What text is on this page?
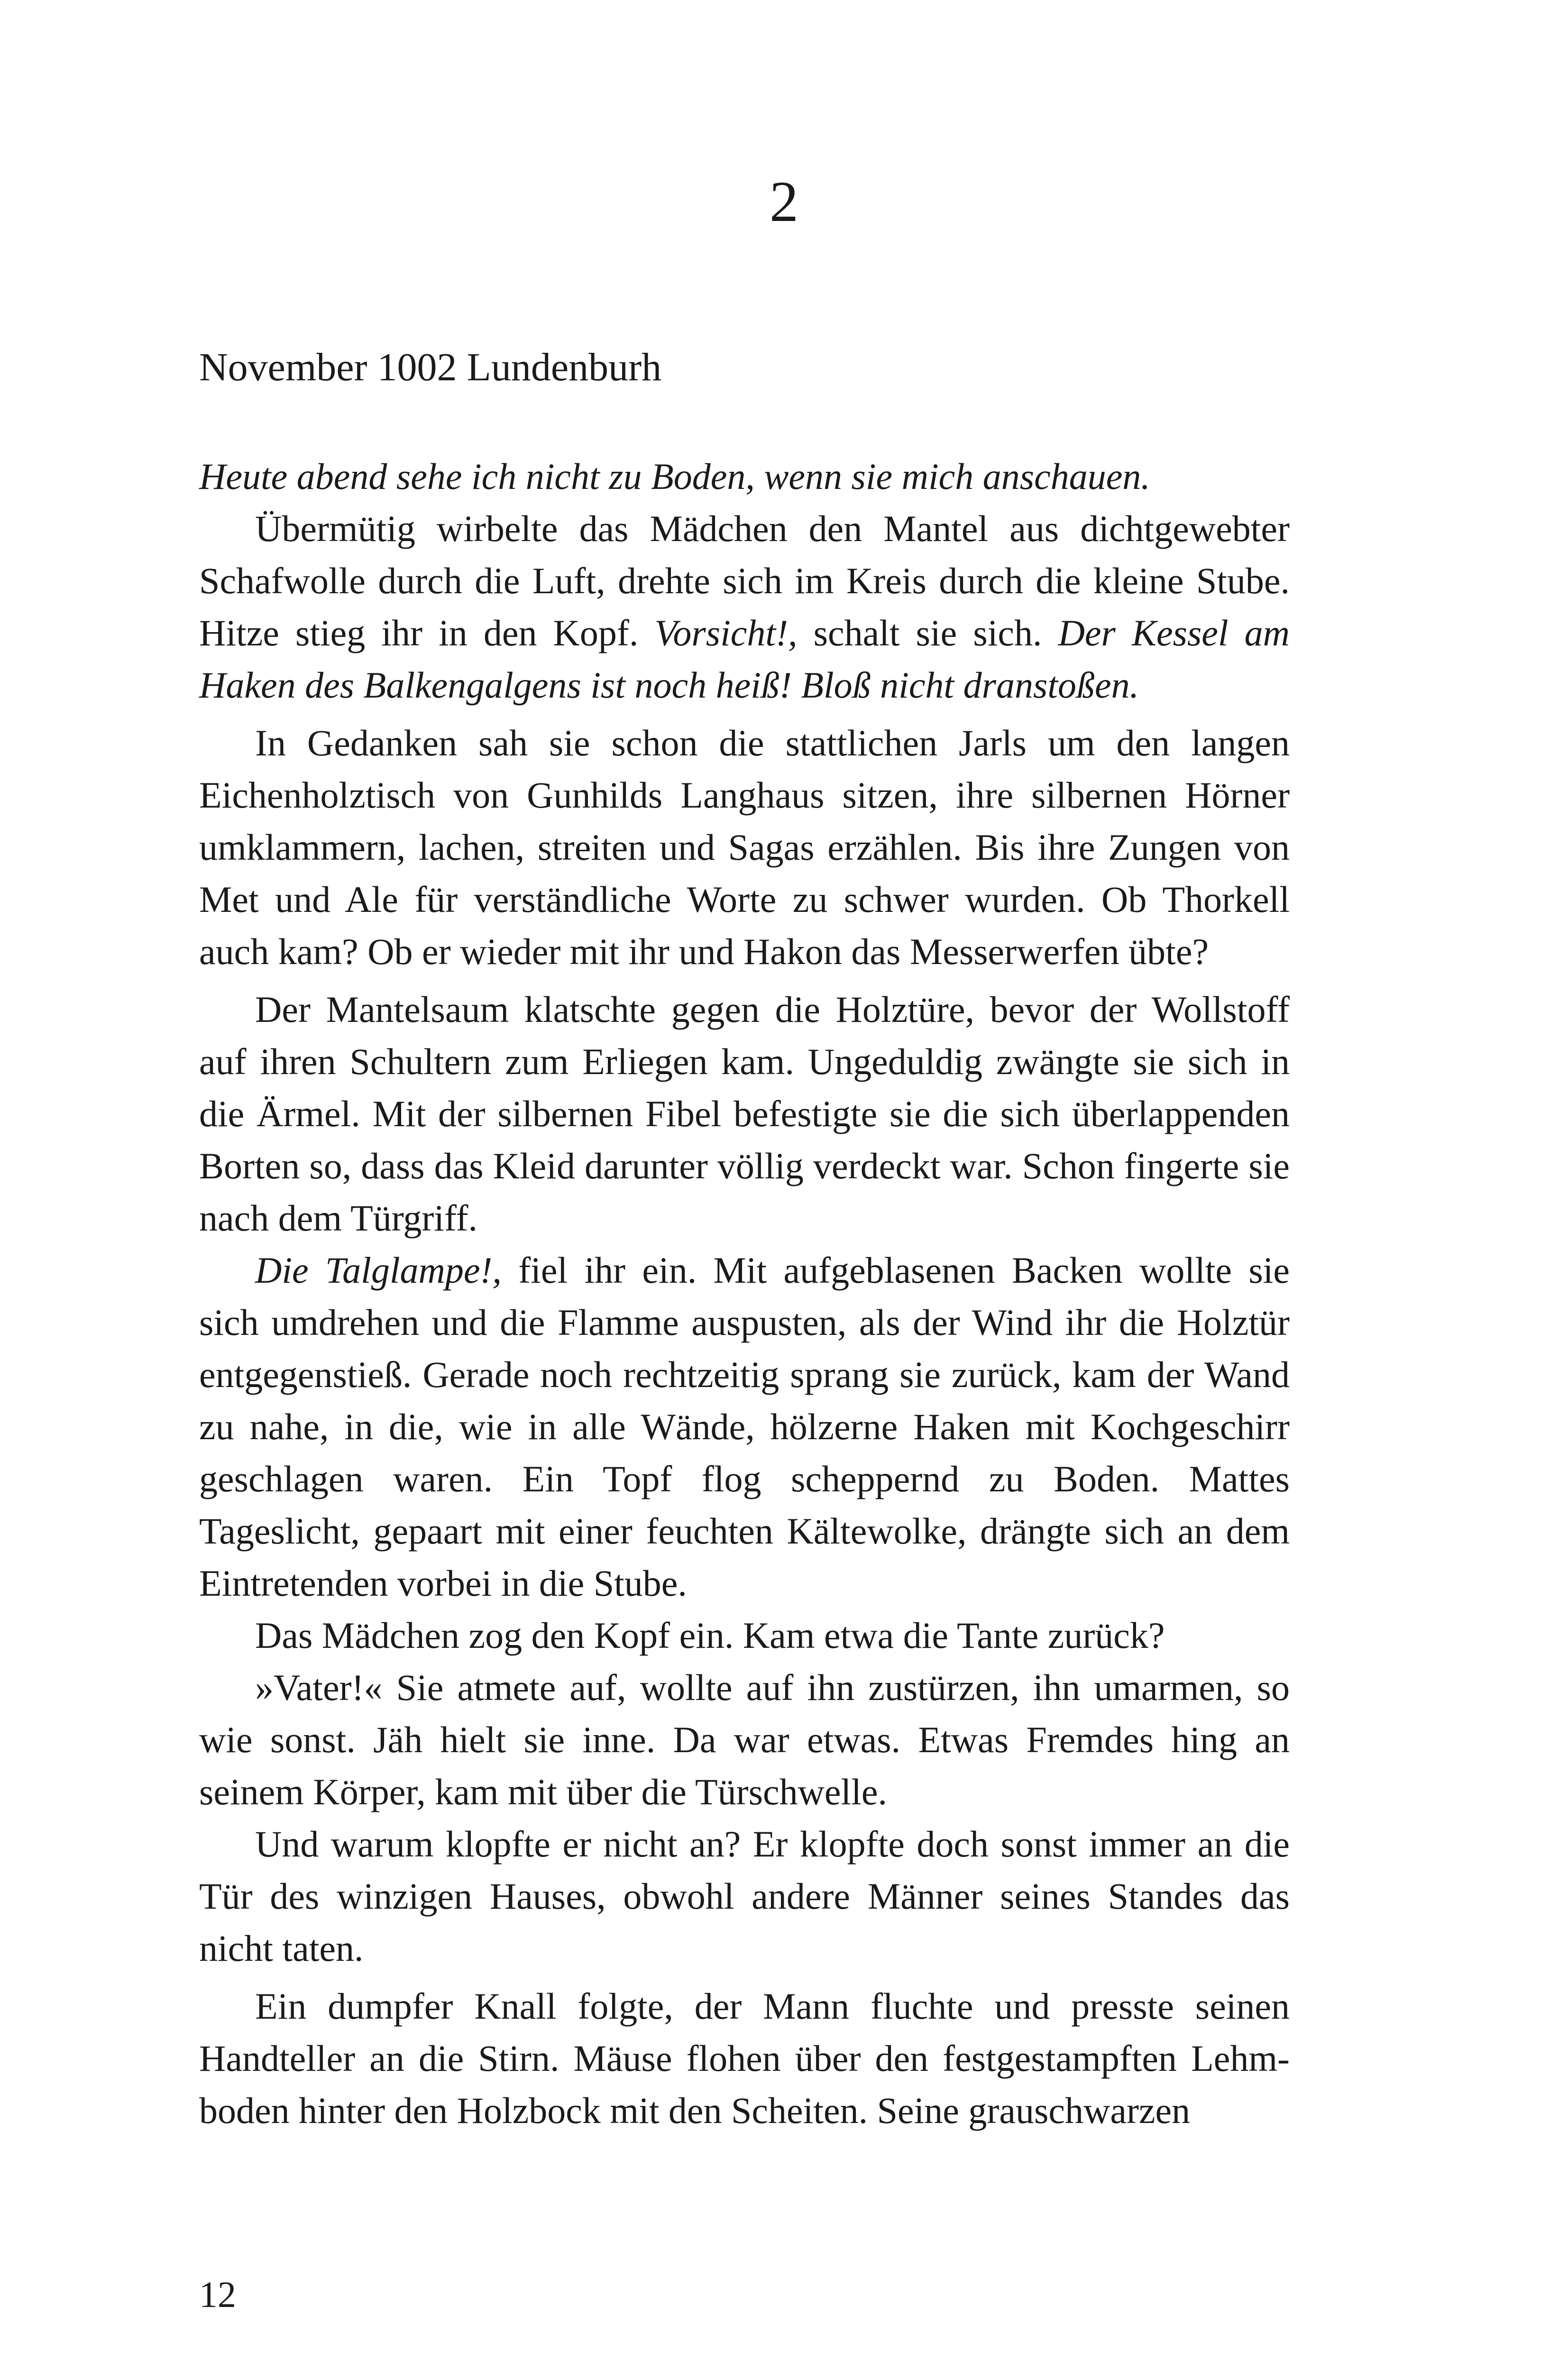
2
November 1002 Lundenburh

Heute abend sehe ich nicht zu Boden, wenn sie mich anschauen.

Übermütig wirbelte das Mädchen den Mantel aus dichtgewebter Schafwolle durch die Luft, drehte sich im Kreis durch die kleine Stube. Hitze stieg ihr in den Kopf. Vorsicht!, schalt sie sich. Der Kessel am Haken des Balkengalgens ist noch heiß! Bloß nicht dranstoßen.

In Gedanken sah sie schon die stattlichen Jarls um den langen Eichenholztisch von Gunhilds Langhaus sitzen, ihre silbernen Hörner umklammern, lachen, streiten und Sagas erzählen. Bis ihre Zungen von Met und Ale für verständliche Worte zu schwer wurden. Ob Thorkell auch kam? Ob er wieder mit ihr und Hakon das Messerwerfen übte?

Der Mantelsaum klatschte gegen die Holztüre, bevor der Wollstoff auf ihren Schultern zum Erliegen kam. Ungeduldig zwängte sie sich in die Ärmel. Mit der silbernen Fibel befestigte sie die sich überlappenden Borten so, dass das Kleid darunter völlig verdeckt war. Schon fingerte sie nach dem Türgriff.

Die Talglampe!, fiel ihr ein. Mit aufgeblasenen Backen wollte sie sich umdrehen und die Flamme auspusten, als der Wind ihr die Holztür entgegenstieß. Gerade noch rechtzeitig sprang sie zurück, kam der Wand zu nahe, in die, wie in alle Wände, hölzerne Haken mit Kochgeschirr geschlagen waren. Ein Topf flog scheppernd zu Boden. Mattes Tageslicht, gepaart mit einer feuchten Kältewolke, drängte sich an dem Eintretenden vorbei in die Stube.

Das Mädchen zog den Kopf ein. Kam etwa die Tante zurück?

»Vater!« Sie atmete auf, wollte auf ihn zustürzen, ihn umarmen, so wie sonst. Jäh hielt sie inne. Da war etwas. Etwas Fremdes hing an seinem Körper, kam mit über die Türschwelle.

Und warum klopfte er nicht an? Er klopfte doch sonst immer an die Tür des winzigen Hauses, obwohl andere Männer seines Standes das nicht taten.

Ein dumpfer Knall folgte, der Mann fluchte und presste seinen Handteller an die Stirn. Mäuse flohen über den festgestampften Lehmboden hinter den Holzbock mit den Scheiten. Seine grauschwarzen

12
